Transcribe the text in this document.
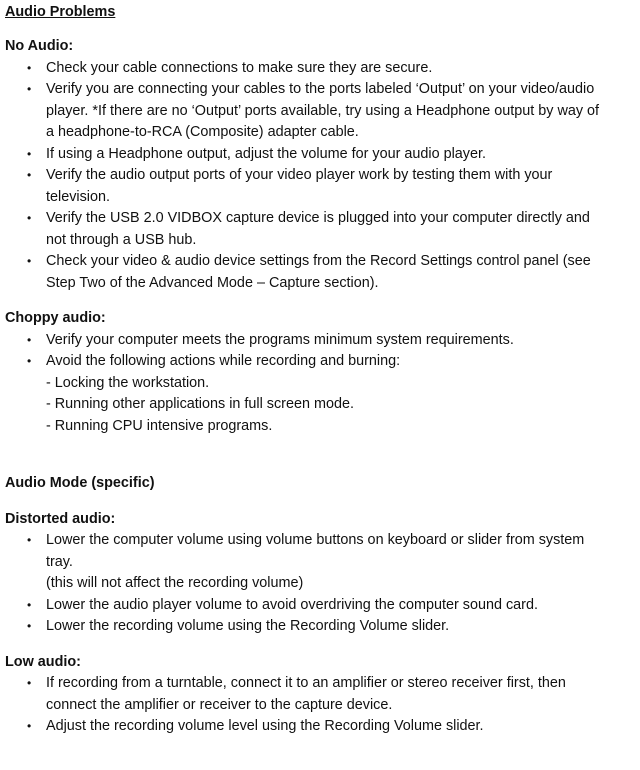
Audio Problems

No Audio:

• Check your cable connections to make sure they are secure.
• Verify you are connecting your cables to the ports labeled ‘Output’ on your video/audio
player. *If there are no ‘Output’ ports available, try using a Headphone output by way of
a headphone-to-RCA (Composite) adapter cable.
• If using a Headphone output, adjust the volume for your audio player.
• Verify the audio output ports of your video player work by testing them with your
television.
• Verify the USB 2.0 VIDBOX capture device is plugged into your computer directly and
not through a USB hub.
• Check your video & audio device settings from the Record Settings control panel (see
Step Two of the Advanced Mode – Capture section).

Choppy audio:

• Verify your computer meets the programs minimum system requirements.
• Avoid the following actions while recording and burning:
- Locking the workstation.
- Running other applications in full screen mode.
- Running CPU intensive programs.

Audio Mode (specific)

Distorted audio:

• Lower the computer volume using volume buttons on keyboard or slider from system
tray.
(this will not affect the recording volume)
• Lower the audio player volume to avoid overdriving the computer sound card.
• Lower the recording volume using the Recording Volume slider.

Low audio:

• If recording from a turntable, connect it to an amplifier or stereo receiver first, then
connect the amplifier or receiver to the capture device.
• Adjust the recording volume level using the Recording Volume slider.
